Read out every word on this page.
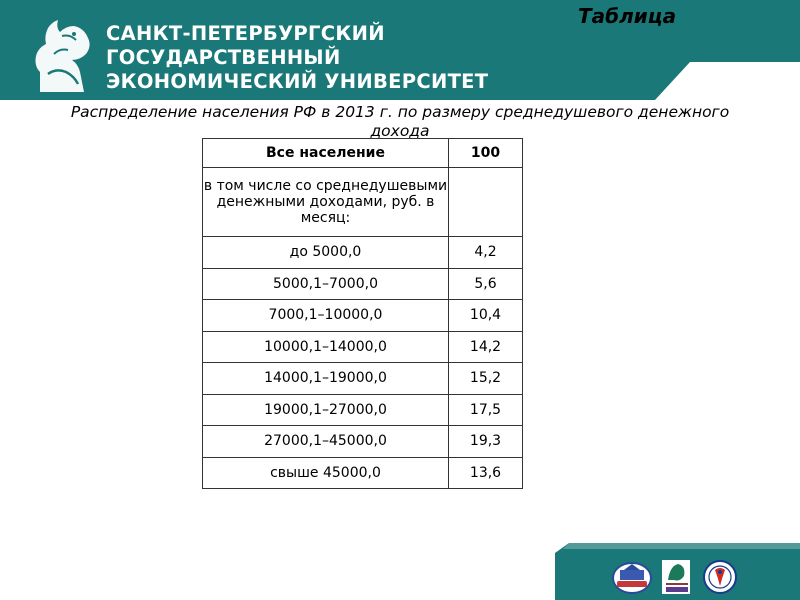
САНКТ-ПЕТЕРБУРГСКИЙ
ГОСУДАРСТВЕННЫЙ
ЭКОНОМИЧЕСКИЙ УНИВЕРСИТЕТ
Таблица
Распределение населения РФ в 2013 г. по размеру среднедушевого денежного дохода
Все население	100
в том числе со среднедушевыми денежными доходами, руб. в месяц:	
до 5000,0	4,2
5000,1–7000,0	5,6
7000,1–10000,0	10,4
10000,1–14000,0	14,2
14000,1–19000,0	15,2
19000,1–27000,0	17,5
27000,1–45000,0	19,3
свыше 45000,0	13,6
